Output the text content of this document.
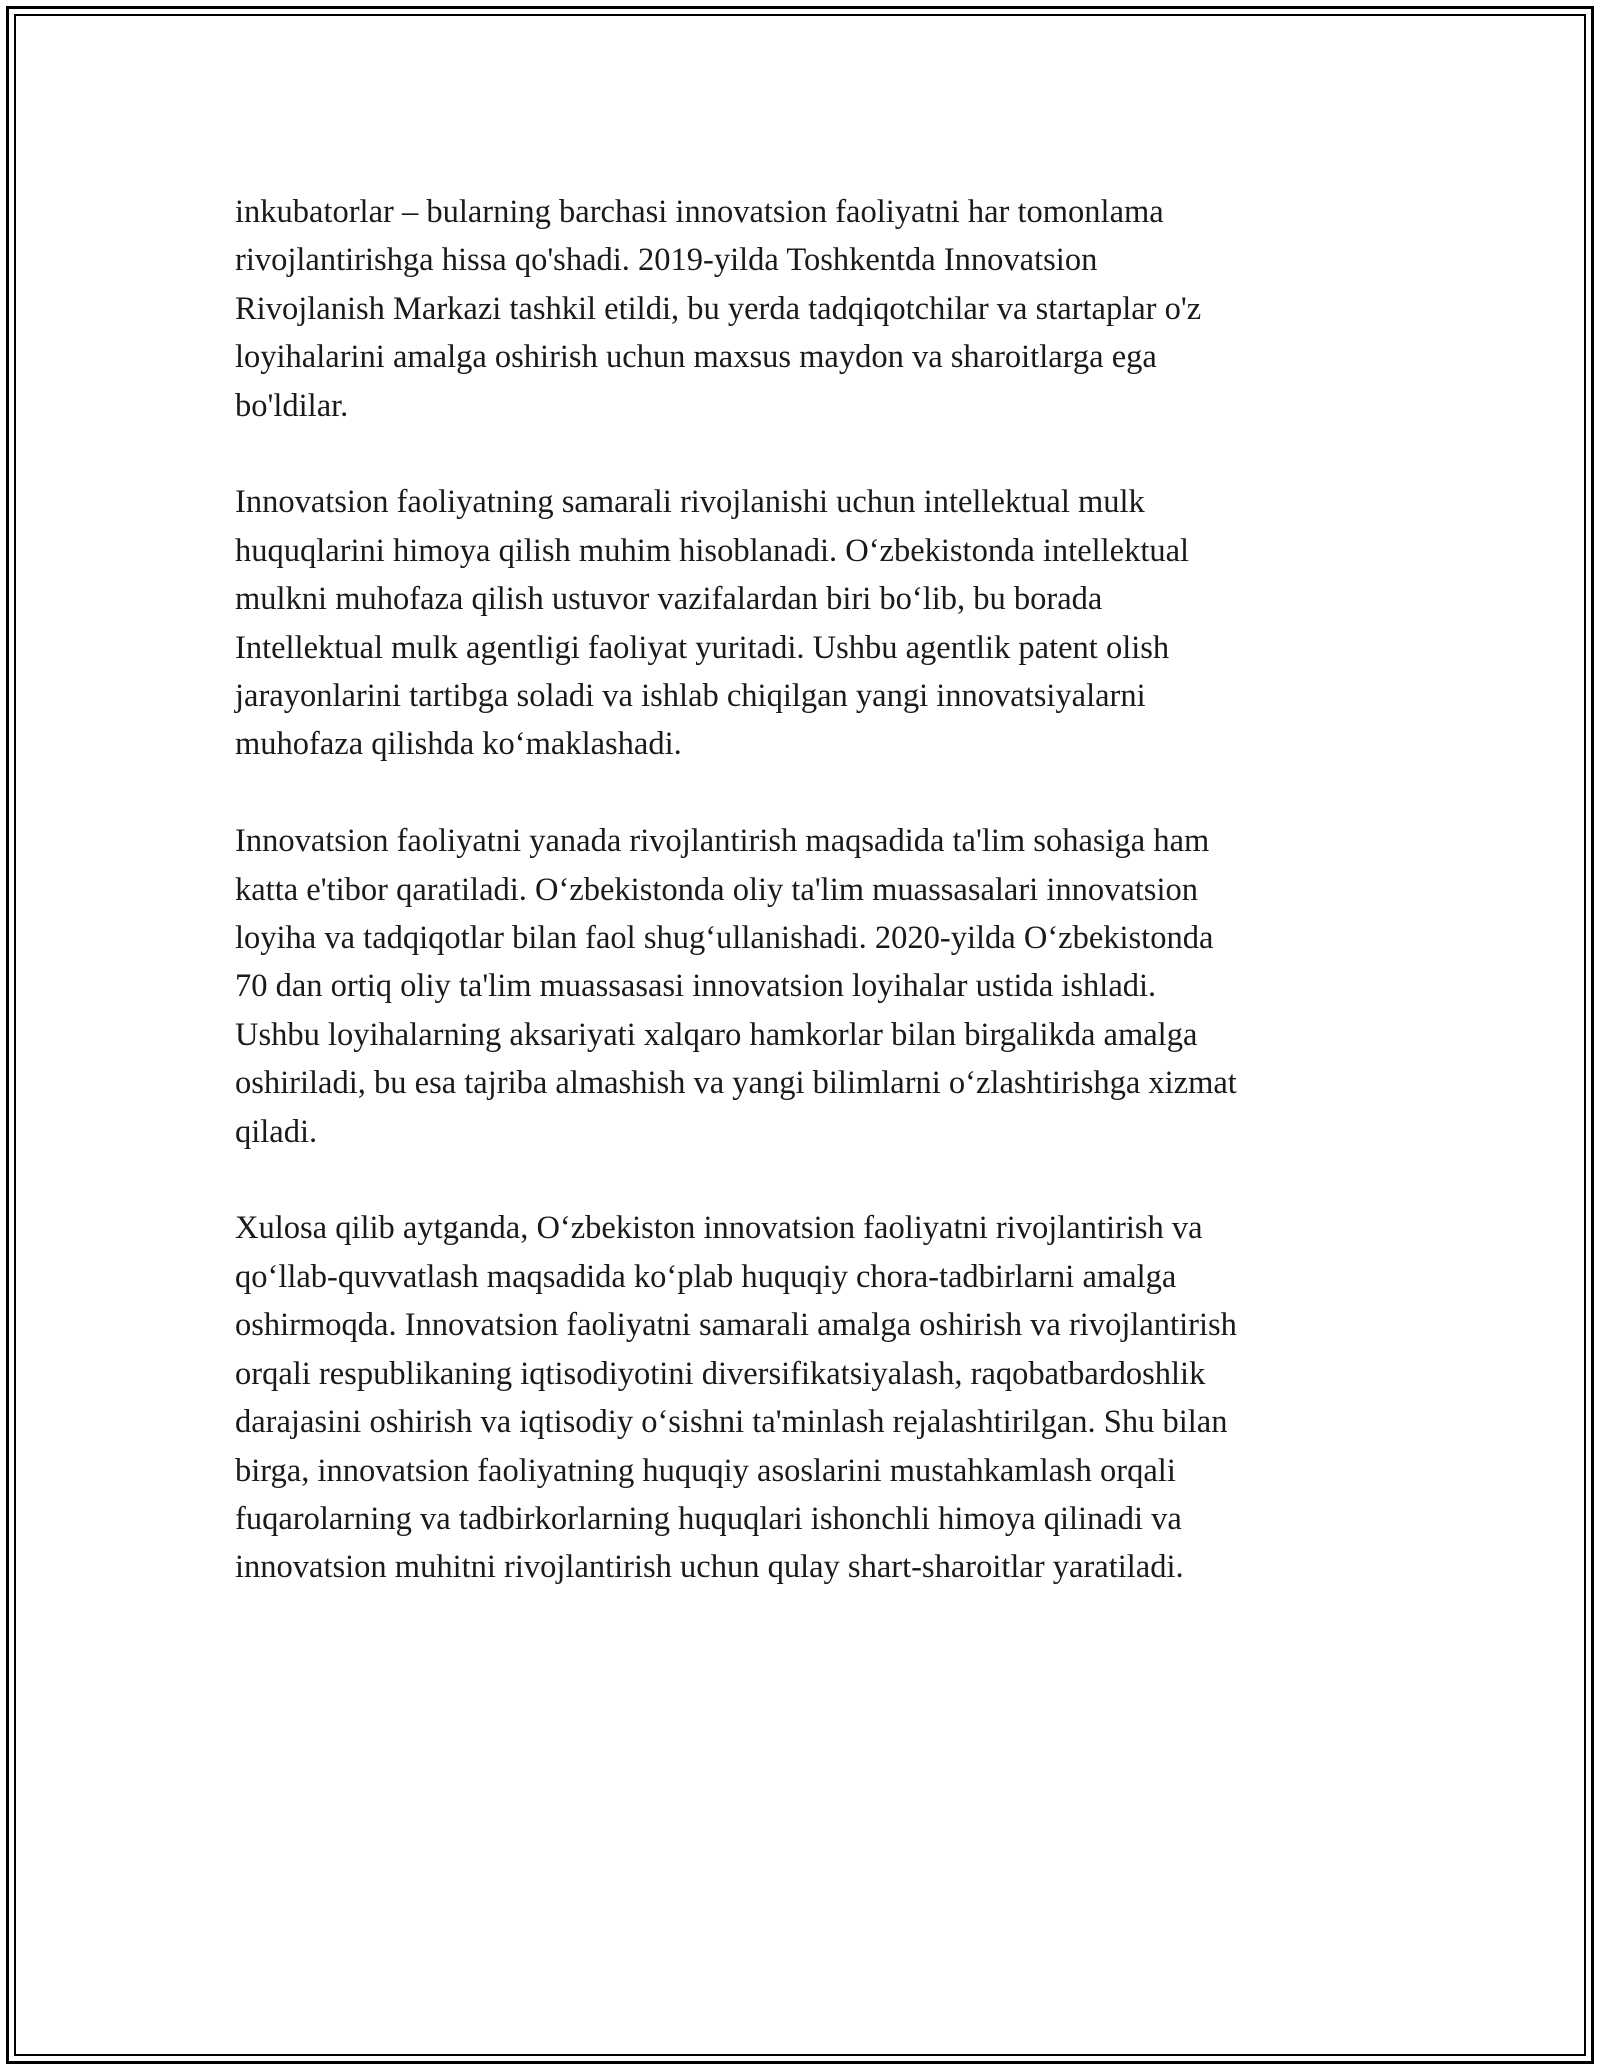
inkubatorlar – bularning barchasi innovatsion faoliyatni har tomonlama
rivojlantirishga hissa qo'shadi. 2019-yilda Toshkentda Innovatsion
Rivojlanish Markazi tashkil etildi, bu yerda tadqiqotchilar va startaplar o'z
loyihalarini amalga oshirish uchun maxsus maydon va sharoitlarga ega
bo'ldilar.

Innovatsion faoliyatning samarali rivojlanishi uchun intellektual mulk
huquqlarini himoya qilish muhim hisoblanadi. O‘zbekistonda intellektual
mulkni muhofaza qilish ustuvor vazifalardan biri bo‘lib, bu borada
Intellektual mulk agentligi faoliyat yuritadi. Ushbu agentlik patent olish
jarayonlarini tartibga soladi va ishlab chiqilgan yangi innovatsiyalarni
muhofaza qilishda ko‘maklashadi.

Innovatsion faoliyatni yanada rivojlantirish maqsadida ta'lim sohasiga ham
katta e'tibor qaratiladi. O‘zbekistonda oliy ta'lim muassasalari innovatsion
loyiha va tadqiqotlar bilan faol shug‘ullanishadi. 2020-yilda O‘zbekistonda
70 dan ortiq oliy ta'lim muassasasi innovatsion loyihalar ustida ishladi.
Ushbu loyihalarning aksariyati xalqaro hamkorlar bilan birgalikda amalga
oshiriladi, bu esa tajriba almashish va yangi bilimlarni o‘zlashtirishga xizmat
qiladi.

Xulosa qilib aytganda, O‘zbekiston innovatsion faoliyatni rivojlantirish va
qo‘llab-quvvatlash maqsadida ko‘plab huquqiy chora-tadbirlarni amalga
oshirmoqda. Innovatsion faoliyatni samarali amalga oshirish va rivojlantirish
orqali respublikaning iqtisodiyotini diversifikatsiyalash, raqobatbardoshlik
darajasini oshirish va iqtisodiy o‘sishni ta'minlash rejalashtirilgan. Shu bilan
birga, innovatsion faoliyatning huquqiy asoslarini mustahkamlash orqali
fuqarolarning va tadbirkorlarning huquqlari ishonchli himoya qilinadi va
innovatsion muhitni rivojlantirish uchun qulay shart-sharoitlar yaratiladi.
